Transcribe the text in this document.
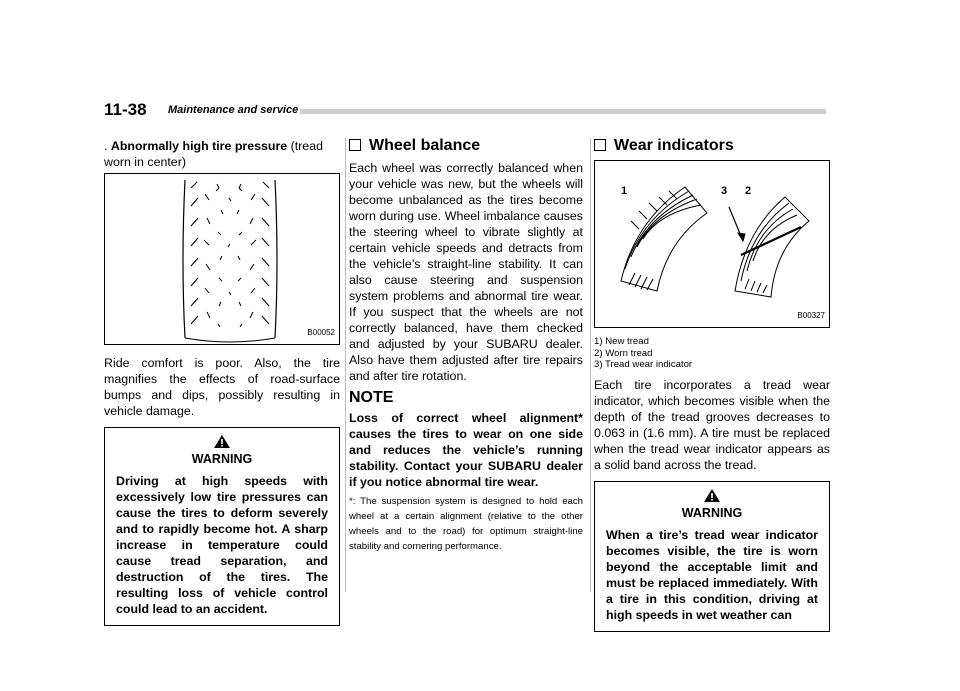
11-38 Maintenance and service
. Abnormally high tire pressure (tread worn in center)
B00052

Ride comfort is poor. Also, the tire magnifies the effects of road-surface bumps and dips, possibly resulting in vehicle damage.

WARNING
Driving at high speeds with excessively low tire pressures can cause the tires to deform severely and to rapidly become hot. A sharp increase in temperature could cause tread separation, and destruction of the tires. The resulting loss of vehicle control could lead to an accident.
Wheel balance

Each wheel was correctly balanced when your vehicle was new, but the wheels will become unbalanced as the tires become worn during use. Wheel imbalance causes the steering wheel to vibrate slightly at certain vehicle speeds and detracts from the vehicle’s straight-line stability. It can also cause steering and suspension system problems and abnormal tire wear. If you suspect that the wheels are not correctly balanced, have them checked and adjusted by your SUBARU dealer. Also have them adjusted after tire repairs and after tire rotation.

NOTE
Loss of correct wheel alignment* causes the tires to wear on one side and reduces the vehicle’s running stability. Contact your SUBARU dealer if you notice abnormal tire wear.
*: The suspension system is designed to hold each wheel at a certain alignment (relative to the other wheels and to the road) for optimum straight-line stability and cornering performance.
Wear indicators
1	3 2
B00327
1) New tread
2) Worn tread
3) Tread wear indicator

Each tire incorporates a tread wear indicator, which becomes visible when the depth of the tread grooves decreases to 0.063 in (1.6 mm). A tire must be replaced when the tread wear indicator appears as a solid band across the tread.

WARNING
When a tire’s tread wear indicator becomes visible, the tire is worn beyond the acceptable limit and must be replaced immediately. With a tire in this condition, driving at high speeds in wet weather can
